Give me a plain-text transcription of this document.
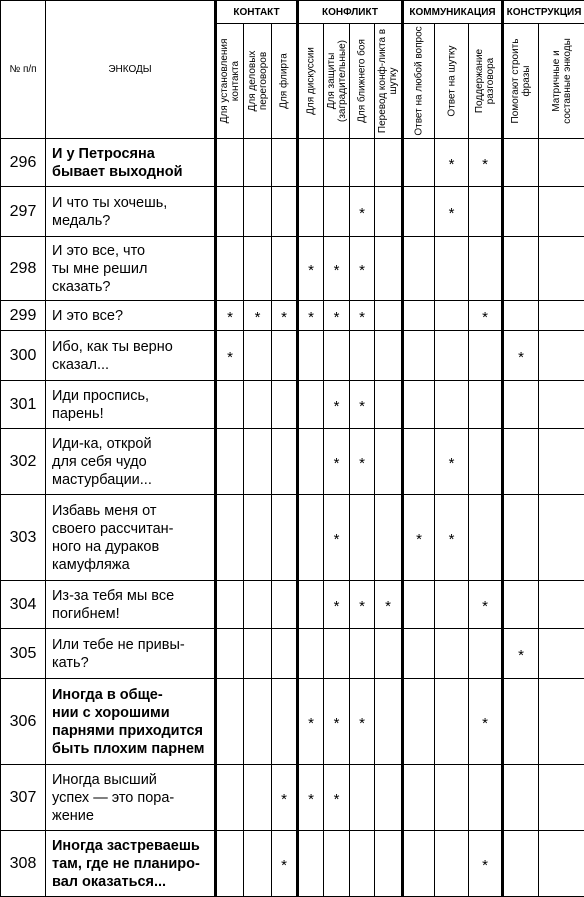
№ п/п	ЭНКОДЫ	КОНТАКТ			КОНФЛИКТ				КОММУНИКАЦИЯ			КОНСТРУКЦИЯ	

		Для установления контакта	Для деловых переговоров	Для флирта	Для дискуссии	Для защиты (заградительные)	Для ближнего боя	Перевод конф-ликта в шутку	Ответ на любой вопрос	Ответ на шутку	Поддержание разговора	Помогают строить фразы	Матричные и составные энкоды

296	И у Петросяна
бывает выходной									*	*		
297	И что ты хочешь,
медаль?						*			*			
298	И это все, что
ты мне решил
сказать?				*	*	*						
299	И это все?	*	*	*	*	*	*				*		
300	Ибо, как ты верно
сказал...	*										*	
301	Иди проспись,
парень!					*	*						
302	Иди-ка, открой
для себя чудо
мастурбации...					*	*			*			
303	Избавь меня от
своего рассчитан-
ного на дураков
камуфляжа					*			*	*			
304	Из-за тебя мы все
погибнем!					*	*	*			*		
305	Или тебе не привы-
кать?											*	
306	Иногда в обще-
нии с хорошими
парнями приходится
быть плохим парнем				*	*	*				*		
307	Иногда высший
успех — это пора-
жение			*	*	*							
308	Иногда застреваешь
там, где не планиро-
вал оказаться...			*							*		
